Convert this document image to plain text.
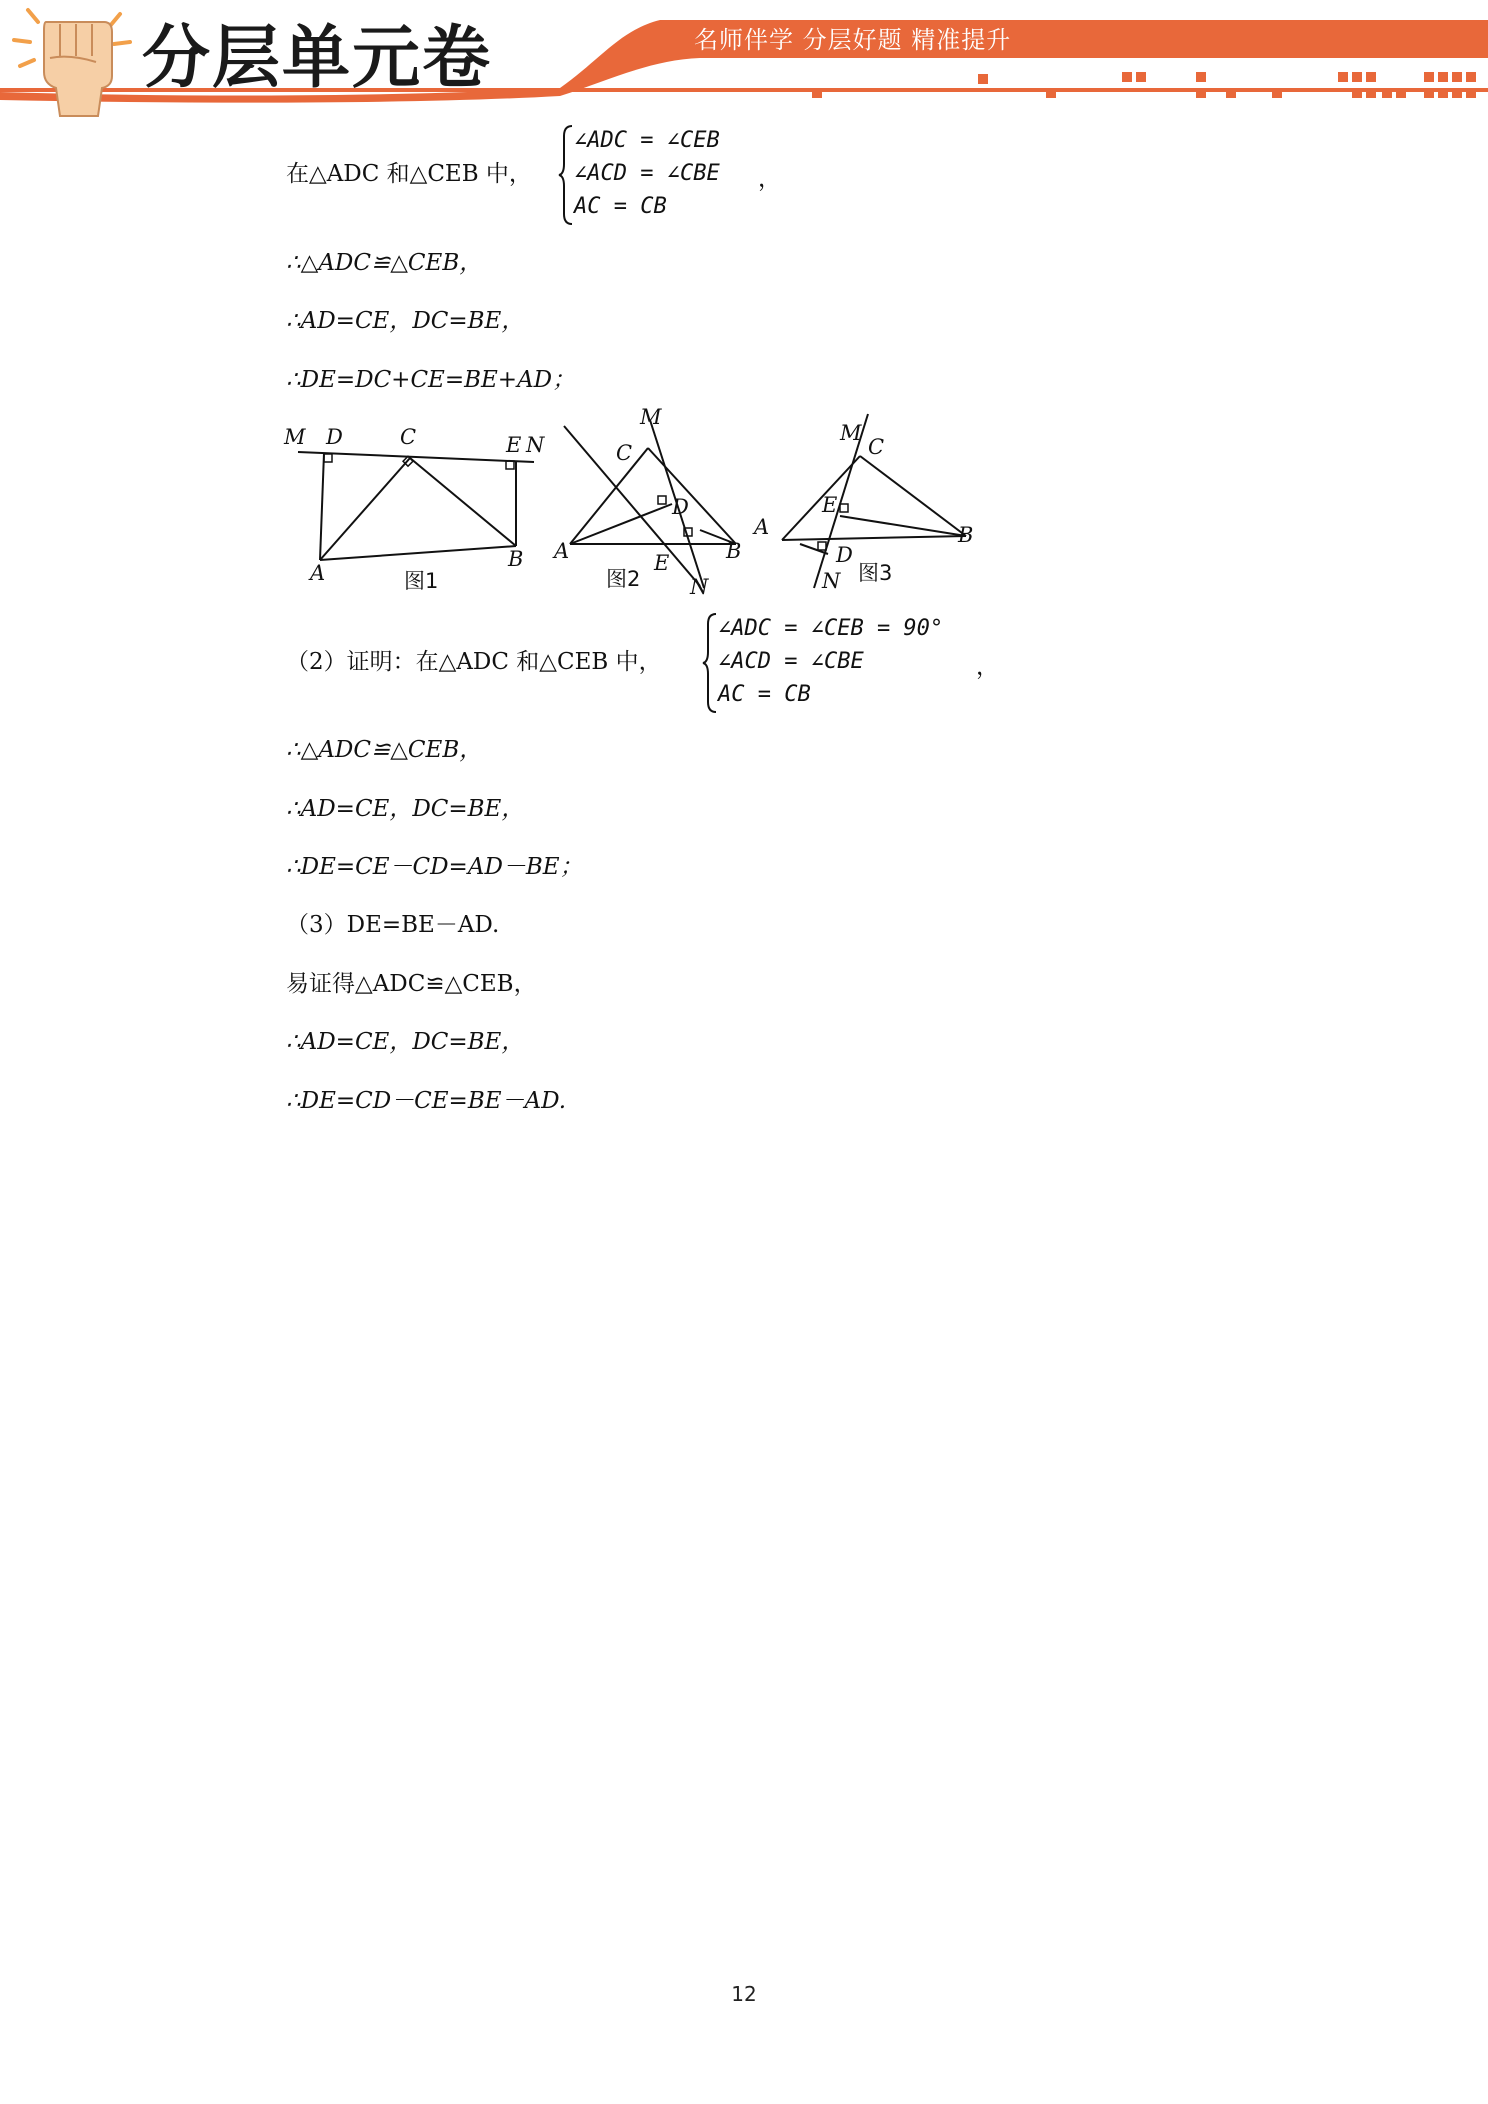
分层单元卷	名师伴学 分层好题 精准提升
在△ADC 和△CEB 中，
∠ADC = ∠CEB
∠ACD = ∠CBE
AC = CB
，
∴△ADC≌△CEB，
∴AD=CE，DC=BE，
∴DE=DC+CE=BE+AD；
M D	C	E N
A
B
图1
C
M
D
A	E	B
N
图2
M
C
E
A	B
D
N 图3
（2）证明：在△ADC 和△CEB 中，
∠ADC = ∠CEB = 90°
∠ACD = ∠CBE
AC = CB
，
∴△ADC≌△CEB，
∴AD=CE，DC=BE，
∴DE=CE－CD=AD－BE；
（3）DE=BE－AD.
易证得△ADC≌△CEB，
∴AD=CE，DC=BE，
∴DE=CD－CE=BE－AD.
12
